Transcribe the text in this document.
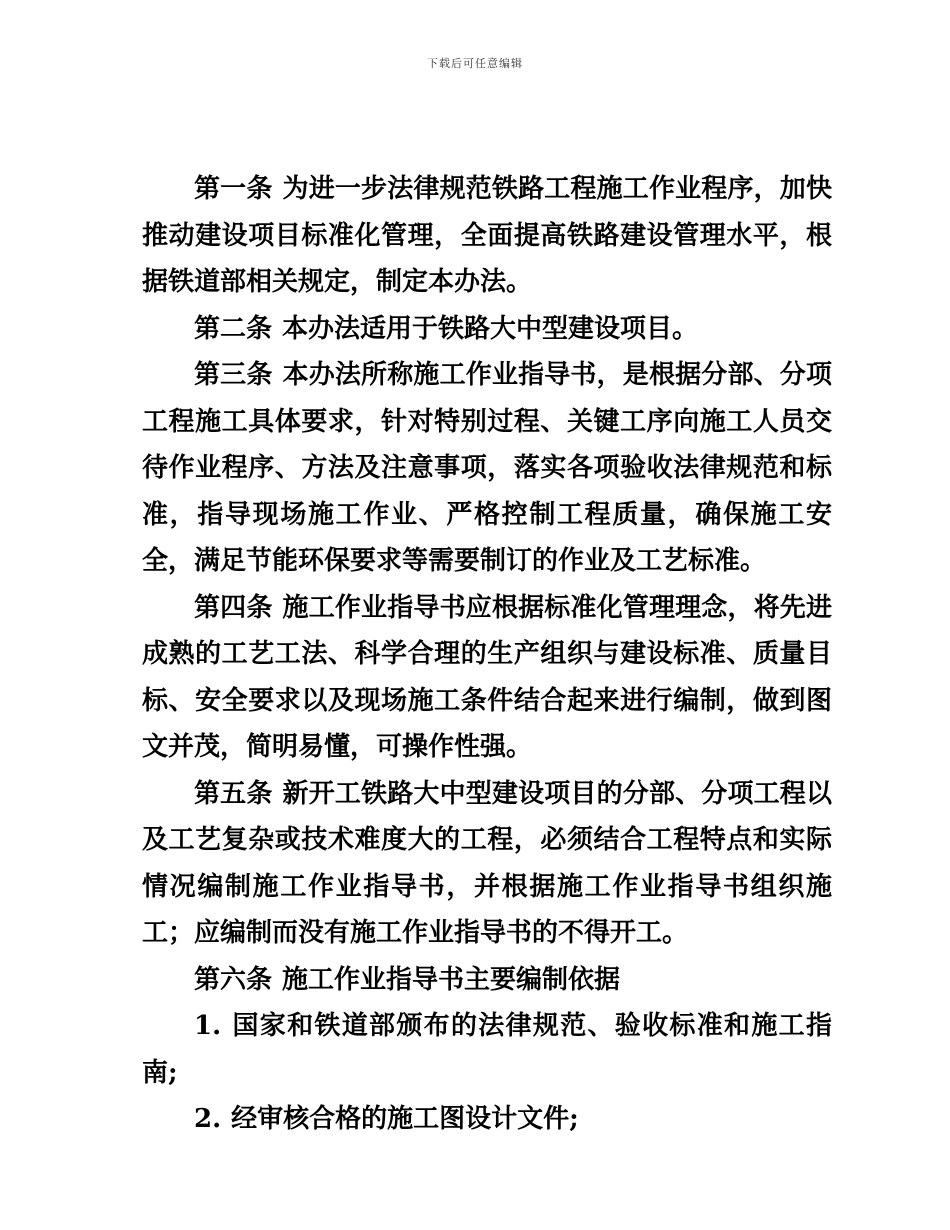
下载后可任意编辑

第一条 为进一步法律规范铁路工程施工作业程序，加快推动建设项目标准化管理，全面提高铁路建设管理水平，根据铁道部相关规定，制定本办法。

第二条 本办法适用于铁路大中型建设项目。

第三条 本办法所称施工作业指导书，是根据分部、分项工程施工具体要求，针对特别过程、关键工序向施工人员交待作业程序、方法及注意事项，落实各项验收法律规范和标准，指导现场施工作业、严格控制工程质量，确保施工安全，满足节能环保要求等需要制订的作业及工艺标准。

第四条 施工作业指导书应根据标准化管理理念，将先进成熟的工艺工法、科学合理的生产组织与建设标准、质量目标、安全要求以及现场施工条件结合起来进行编制，做到图文并茂，简明易懂，可操作性强。

第五条 新开工铁路大中型建设项目的分部、分项工程以及工艺复杂或技术难度大的工程，必须结合工程特点和实际情况编制施工作业指导书，并根据施工作业指导书组织施工；应编制而没有施工作业指导书的不得开工。

第六条 施工作业指导书主要编制依据

1. 国家和铁道部颁布的法律规范、验收标准和施工指南;

2. 经审核合格的施工图设计文件;
